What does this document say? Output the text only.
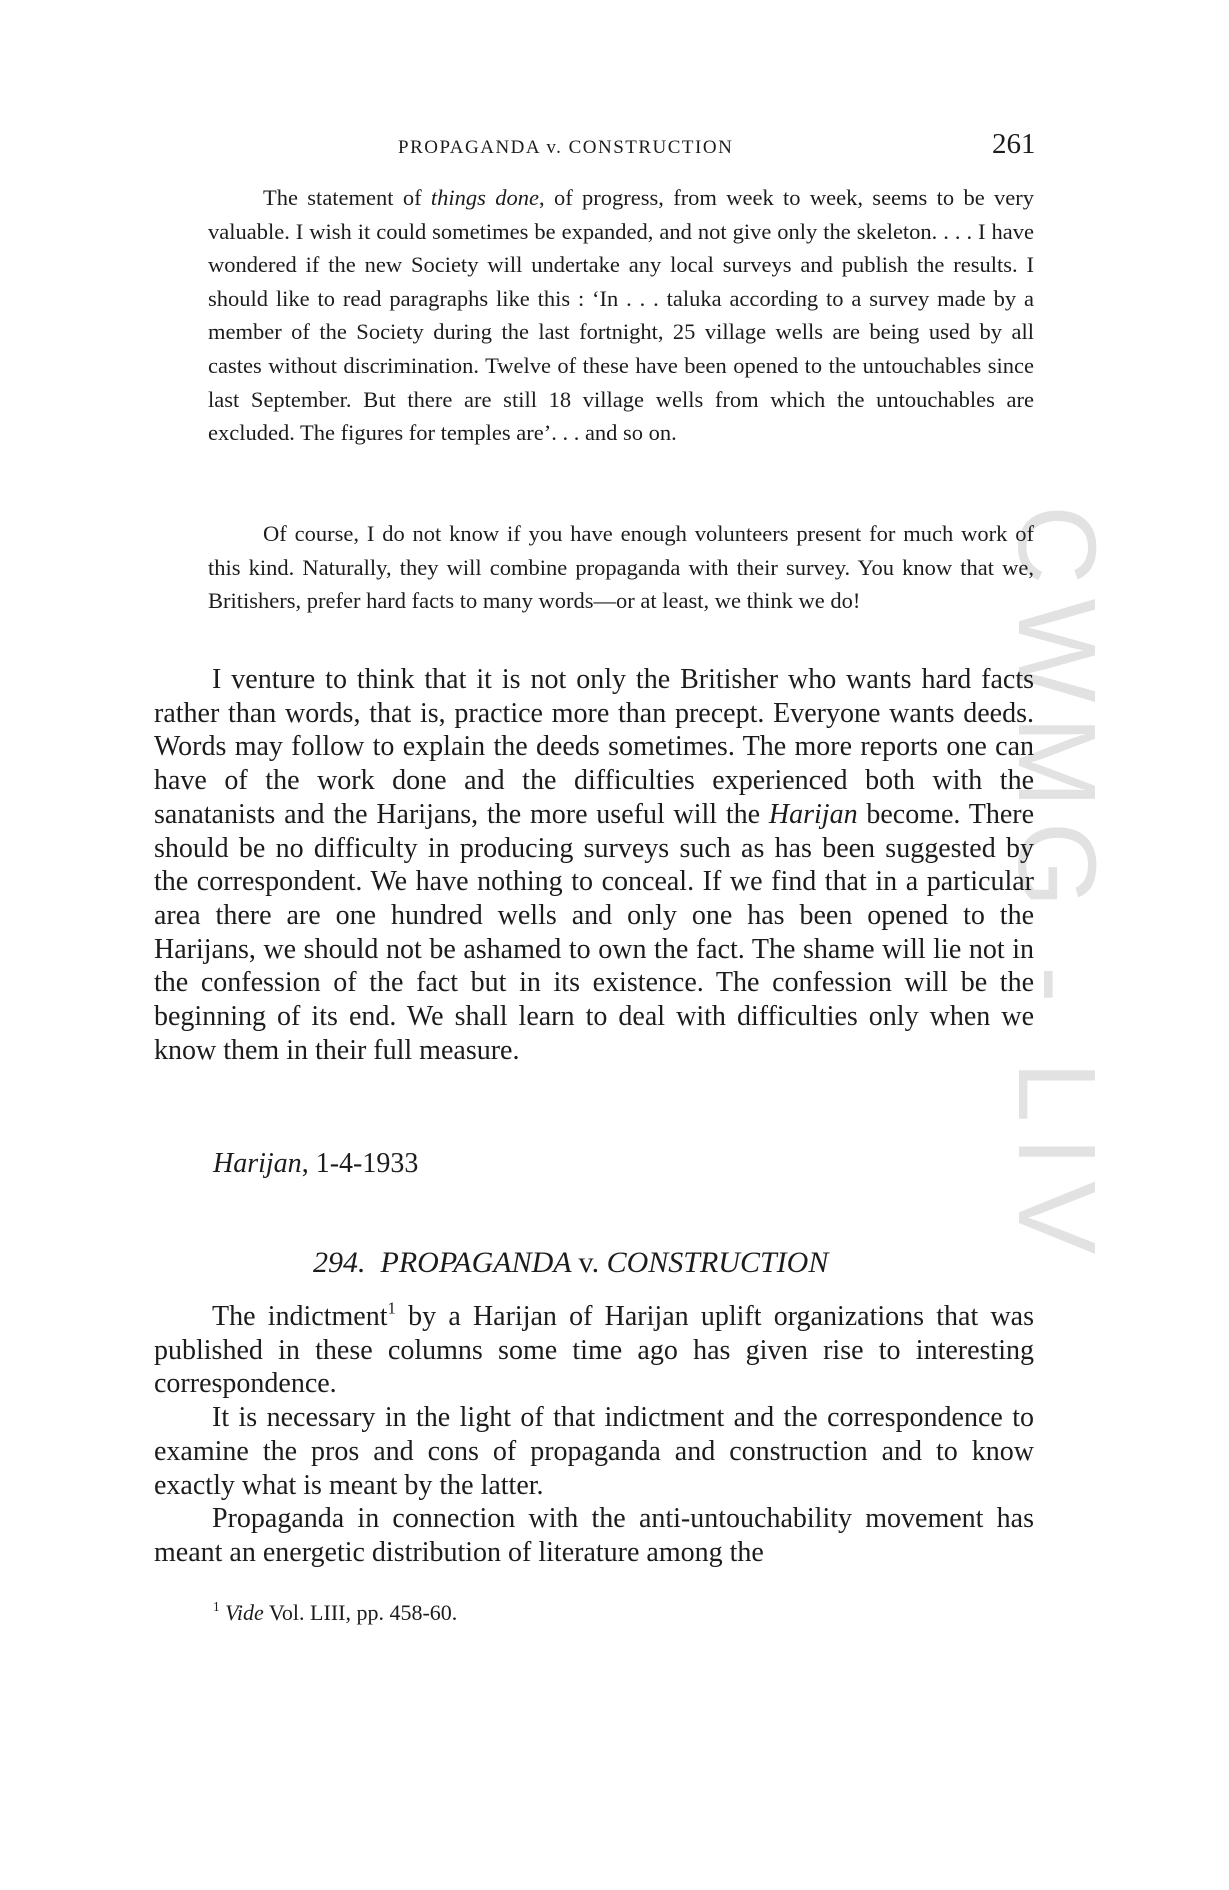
PROPAGANDA v. CONSTRUCTION	261
CWMG - LIV

The statement of things done, of progress, from week to week, seems to be very valuable. I wish it could sometimes be expanded, and not give only the skeleton. . . . I have wondered if the new Society will undertake any local surveys and publish the results. I should like to read paragraphs like this : ‘In . . . taluka according to a survey made by a member of the Society during the last fortnight, 25 village wells are being used by all castes without discrimination. Twelve of these have been opened to the untouchables since last September. But there are still 18 village wells from which the untouchables are excluded. The figures for temples are’. . . and so on.

Of course, I do not know if you have enough volunteers present for much work of this kind. Naturally, they will combine propaganda with their survey. You know that we, Britishers, prefer hard facts to many words—or at least, we think we do!

I venture to think that it is not only the Britisher who wants hard facts rather than words, that is, practice more than precept. Everyone wants deeds. Words may follow to explain the deeds sometimes. The more reports one can have of the work done and the difficulties experienced both with the sanatanists and the Harijans, the more useful will the Harijan become. There should be no difficulty in producing surveys such as has been suggested by the correspondent. We have nothing to conceal. If we find that in a particular area there are one hundred wells and only one has been opened to the Harijans, we should not be ashamed to own the fact. The shame will lie not in the confession of the fact but in its existence. The confession will be the beginning of its end. We shall learn to deal with difficulties only when we know them in their full measure.

Harijan, 1-4-1933
294. PROPAGANDA v. CONSTRUCTION

The indictment$^1$ by a Harijan of Harijan uplift organizations that was published in these columns some time ago has given rise to interesting correspondence.

It is necessary in the light of that indictment and the correspondence to examine the pros and cons of propaganda and construction and to know exactly what is meant by the latter.

Propaganda in connection with the anti-untouchability movement has meant an energetic distribution of literature among the

$^1$ Vide Vol. LIII, pp. 458-60.
